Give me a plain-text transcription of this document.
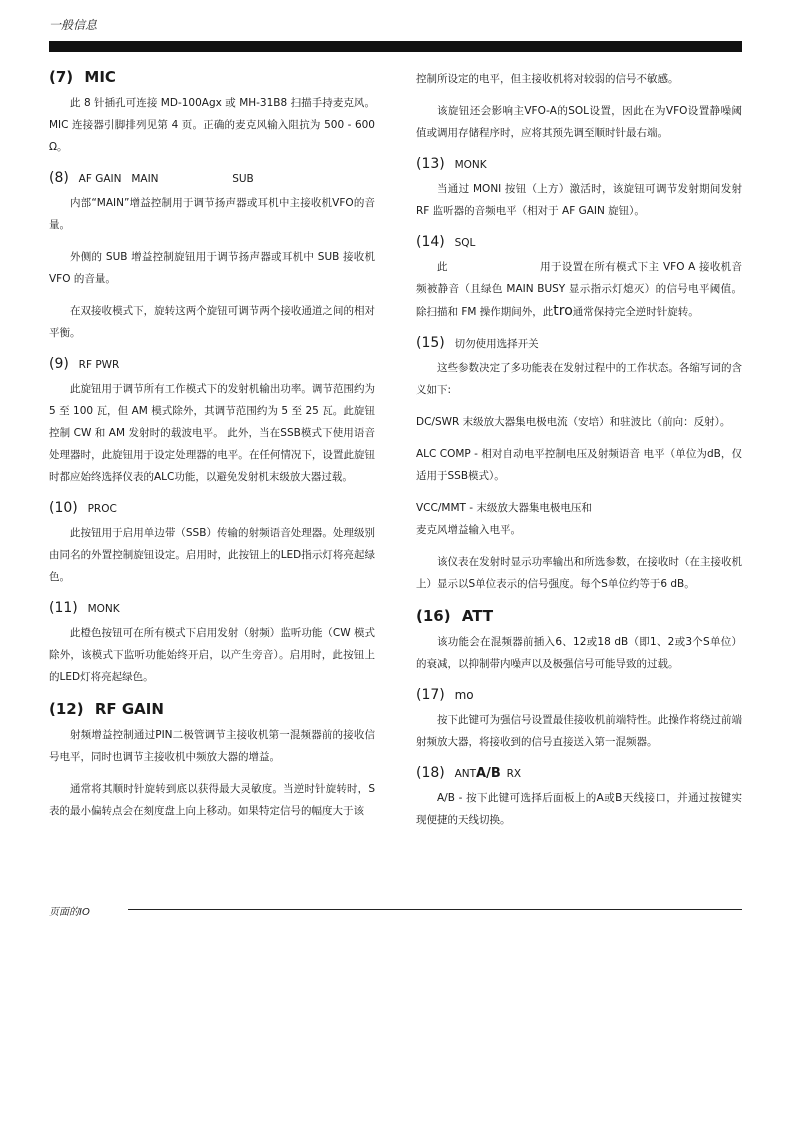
一般信息
(7) MIC

此 8 针插孔可连接 MD-100Agx 或 MH-31B8 扫描手持麦克风。MIC 连接器引脚排列见第 4 页。正确的麦克风输入阻抗为 500 - 600 Ω。

(8) AF GAIN MAIN	SUB

内部“MAIN”增益控制用于调节扬声器或耳机中主接收机VFO的音量。

外侧的 SUB 增益控制旋钮用于调节扬声器或耳机中 SUB 接收机 VFO 的音量。

在双接收模式下，旋转这两个旋钮可调节两个接收通道之间的相对平衡。

(9) RF PWR

此旋钮用于调节所有工作模式下的发射机输出功率。调节范围约为 5 至 100 瓦，但 AM 模式除外，其调节范围约为 5 至 25 瓦。此旋钮控制 CW 和 AM 发射时的载波电平。 此外，当在SSB模式下使用语音处理器时，此旋钮用于设定处理器的电平。在任何情况下，设置此旋钮时都应始终选择仪表的ALC功能，以避免发射机末级放大器过载。

(10) PROC

此按钮用于启用单边带（SSB）传输的射频语音处理器。处理级别由同名的外置控制旋钮设定。启用时，此按钮上的LED指示灯将亮起绿色。

(11) MONK

此橙色按钮可在所有模式下启用发射（射频）监听功能（CW 模式除外，该模式下监听功能始终开启，以产生旁音）。启用时，此按钮上的LED灯将亮起绿色。

(12) RF GAIN

射频增益控制通过PIN二极管调节主接收机第一混频器前的接收信号电平，同时也调节主接收机中频放大器的增益。

通常将其顺时针旋转到底以获得最大灵敏度。当逆时针旋转时，S表的最小偏转点会在刻度盘上向上移动。如果特定信号的幅度大于该

控制所设定的电平，但主接收机将对较弱的信号不敏感。

该旋钮还会影响主VFO-A的SOL设置，因此在为VFO设置静噪阈值或调用存储程序时，应将其预先调至顺时针最右端。

(13) MONK

当通过 MONI 按钮（上方）激活时，该旋钮可调节发射期间发射 RF 监听器的音频电平（相对于 AF GAIN 旋钮）。

(14) SQL

此	用于设置在所有模式下主 VFO A 接收机音频被静音（且绿色 MAIN BUSY 显示指示灯熄灭）的信号电平阈值。除扫描和 FM 操作期间外，此tro通常保持完全逆时针旋转。

(15) 切勿使用选择开关

这些参数决定了多功能表在发射过程中的工作状态。各缩写词的含义如下:

DC/SWR 末级放大器集电极电流（安培）和驻波比（前向：反射）。

ALC COMP - 相对自动电平控制电压及射频语音 电平（单位为dB，仅适用于SSB模式）。

VCC/MMT - 末级放大器集电极电压和

麦克风增益输入电平。

该仪表在发射时显示功率输出和所选参数，在接收时（在主接收机上）显示以S单位表示的信号强度。每个S单位约等于6 dB。

(16) ATT

该功能会在混频器前插入6、12或18 dB（即1、2或3个S单位）的衰减，以抑制带内噪声以及极强信号可能导致的过载。

(17) mo

按下此键可为强信号设置最佳接收机前端特性。此操作将绕过前端射频放大器，将接收到的信号直接送入第一混频器。

(18) ANTA/B RX

A/B - 按下此键可选择后面板上的A或B天线接口，并通过按键实现便捷的天线切换。

页面的IO
